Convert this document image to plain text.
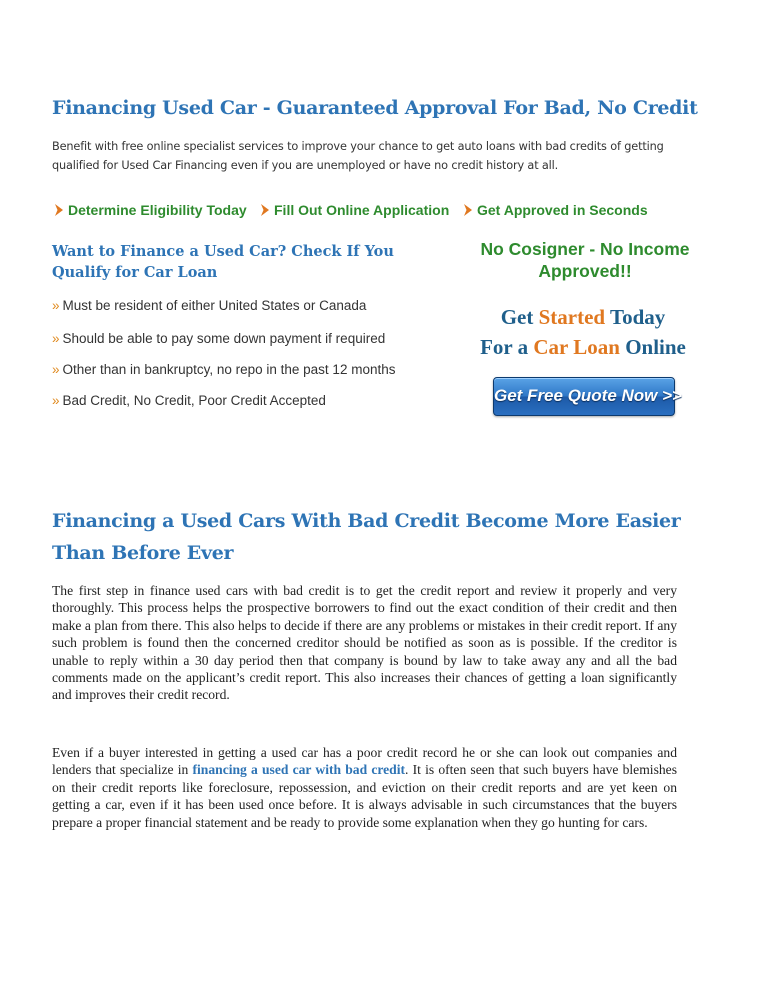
Financing Used Car - Guaranteed Approval For Bad, No Credit

Benefit with free online specialist services to improve your chance to get auto loans with bad credits of getting qualified for Used Car Financing even if you are unemployed or have no credit history at all.

Determine Eligibility Today	Fill Out Online Application	Get Approved in Seconds
Want to Finance a Used Car? Check If You Qualify for Car Loan
» Must be resident of either United States or Canada
» Should be able to pay some down payment if required
» Other than in bankruptcy, no repo in the past 12 months
» Bad Credit, No Credit, Poor Credit Accepted
No Cosigner - No Income Approved!!
Get Started Today
For a Car Loan Online
Get Free Quote Now >>
Financing a Used Cars With Bad Credit Become More Easier Than Before Ever

The first step in finance used cars with bad credit is to get the credit report and review it properly and very thoroughly. This process helps the prospective borrowers to find out the exact condition of their credit and then make a plan from there. This also helps to decide if there are any problems or mistakes in their credit report. If any such problem is found then the concerned creditor should be notified as soon as is possible. If the creditor is unable to reply within a 30 day period then that company is bound by law to take away any and all the bad comments made on the applicant’s credit report. This also increases their chances of getting a loan significantly and improves their credit record.

Even if a buyer interested in getting a used car has a poor credit record he or she can look out companies and lenders that specialize in financing a used car with bad credit. It is often seen that such buyers have blemishes on their credit reports like foreclosure, repossession, and eviction on their credit reports and are yet keen on getting a car, even if it has been used once before. It is always advisable in such circumstances that the buyers prepare a proper financial statement and be ready to provide some explanation when they go hunting for cars.
